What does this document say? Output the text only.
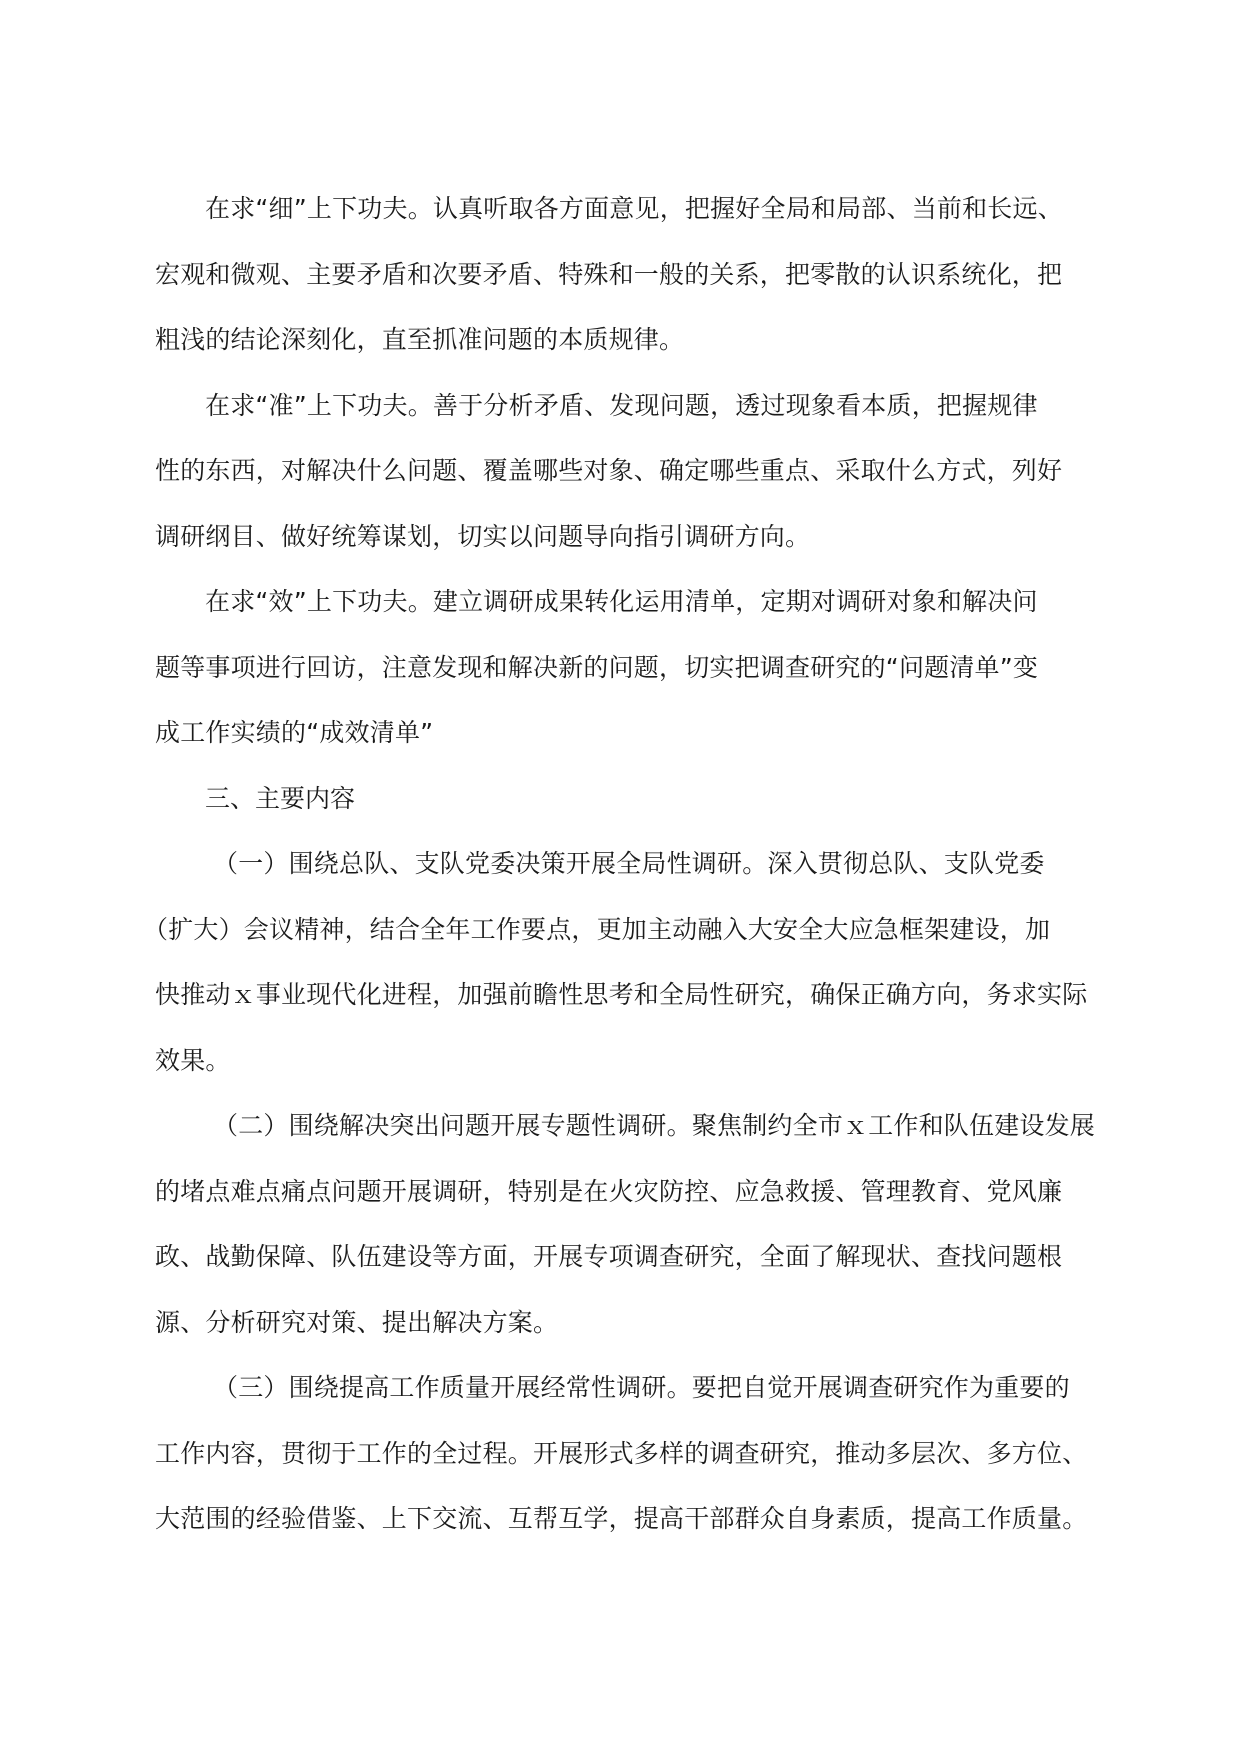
在求“细”上下功夫。认真听取各方面意见，把握好全局和局部、当前和长远、
宏观和微观、主要矛盾和次要矛盾、特殊和一般的关系，把零散的认识系统化，把
粗浅的结论深刻化，直至抓准问题的本质规律。

在求“准”上下功夫。善于分析矛盾、发现问题，透过现象看本质，把握规律
性的东西，对解决什么问题、覆盖哪些对象、确定哪些重点、采取什么方式，列好
调研纲目、做好统筹谋划，切实以问题导向指引调研方向。

在求“效”上下功夫。建立调研成果转化运用清单，定期对调研对象和解决问
题等事项进行回访，注意发现和解决新的问题，切实把调查研究的“问题清单”变
成工作实绩的“成效清单”

三、主要内容

（一）围绕总队、支队党委决策开展全局性调研。深入贯彻总队、支队党委
（扩大）会议精神，结合全年工作要点，更加主动融入大安全大应急框架建设，加
快推动ｘ事业现代化进程，加强前瞻性思考和全局性研究，确保正确方向，务求实际
效果。

（二）围绕解决突出问题开展专题性调研。聚焦制约全市ｘ工作和队伍建设发展
的堵点难点痛点问题开展调研，特别是在火灾防控、应急救援、管理教育、党风廉
政、战勤保障、队伍建设等方面，开展专项调查研究，全面了解现状、查找问题根
源、分析研究对策、提出解决方案。

（三）围绕提高工作质量开展经常性调研。要把自觉开展调查研究作为重要的
工作内容，贯彻于工作的全过程。开展形式多样的调查研究，推动多层次、多方位、
大范围的经验借鉴、上下交流、互帮互学，提高干部群众自身素质，提高工作质量。
